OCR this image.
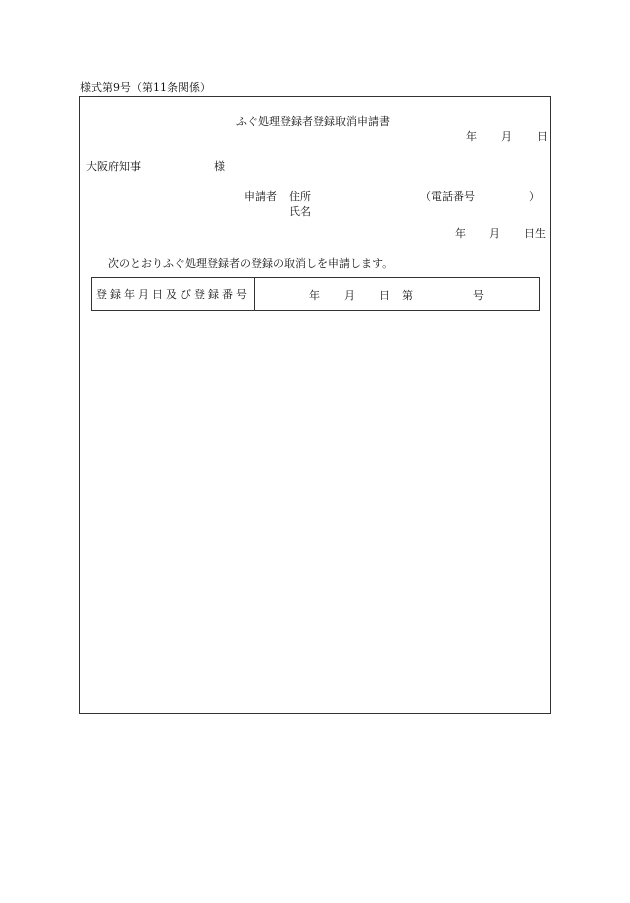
様式第9号（第11条関係）
ふぐ処理登録者登録取消申請書
年 月 日
大阪府知事	様
申請者 住所	（電話番号	）
氏名
年 月 日生
次のとおりふぐ処理登録者の登録の取消しを申請します。
登録年月日及び登録番号	年 月 日 第	号
